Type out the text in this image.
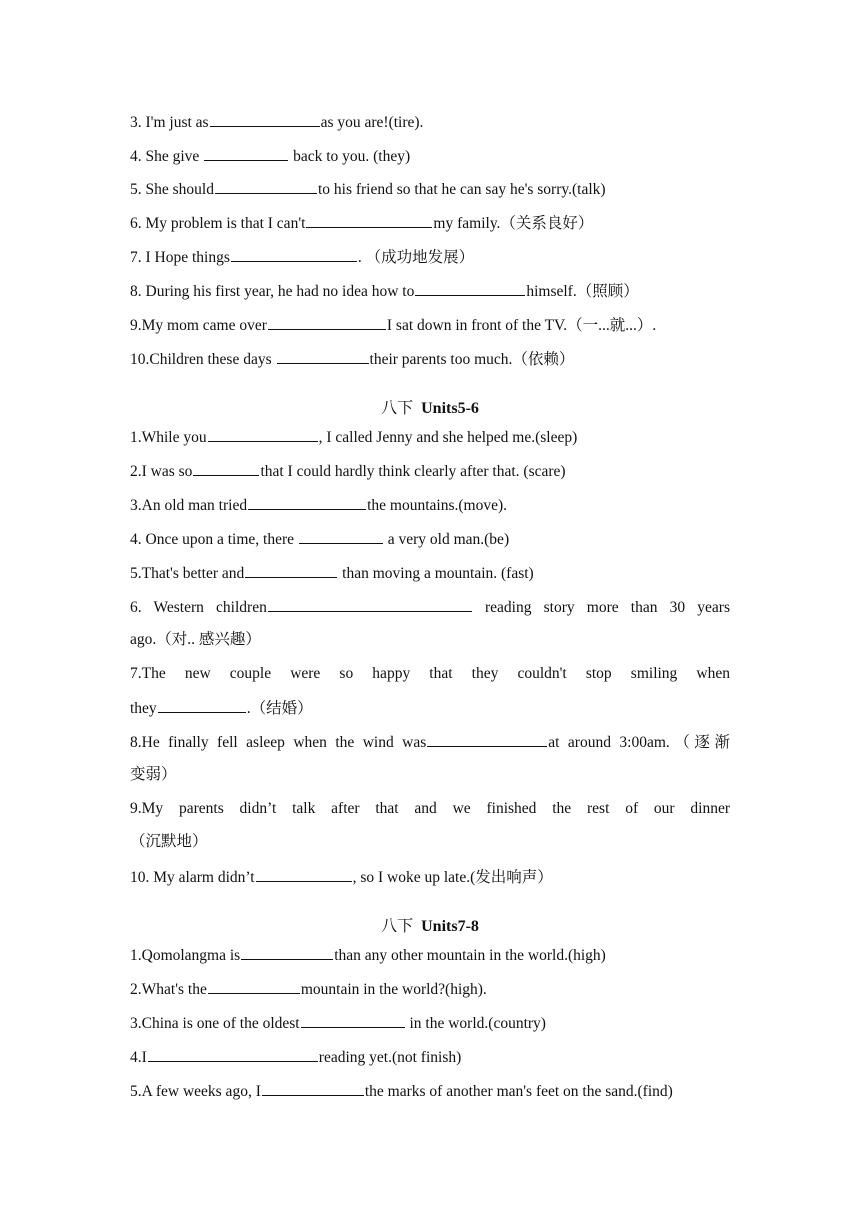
3. I'm just as	as you are!(tire).
4. She give	back to you. (they)
5. She should	to his friend so that he can say he's sorry.(talk)
6. My problem is that I can't	my family.（关系良好）
7. I Hope things	. （成功地发展）
8. During his first year, he had no idea how to	himself.（照顾）
9.My mom came over	I sat down in front of the TV.（一...就...）.
10.Children these days	their parents too much.（依赖）
八下 Units5-6
1.While you	, I called Jenny and she helped me.(sleep)
2.I was so	that I could hardly think clearly after that. (scare)
3.An old man tried	the mountains.(move).
4. Once upon a time, there	a very old man.(be)
5.That's better and	than moving a mountain. (fast)
6. Western children	reading story more than 30 years
ago.（对.. 感兴趣）
7.The new couple were so happy that they couldn't stop smiling when
they	.（结婚）
8.He finally fell asleep when the wind was	at around 3:00am.（逐渐
变弱）
9.My parents didn’t talk after that and we finished the rest of our dinner
（沉默地）
10. My alarm didn’t	, so I woke up late.(发出响声）
八下 Units7-8
1.Qomolangma is	than any other mountain in the world.(high)
2.What's the	mountain in the world?(high).
3.China is one of the oldest	in the world.(country)
4.I	reading yet.(not finish)
5.A few weeks ago, I	the marks of another man's feet on the sand.(find)
